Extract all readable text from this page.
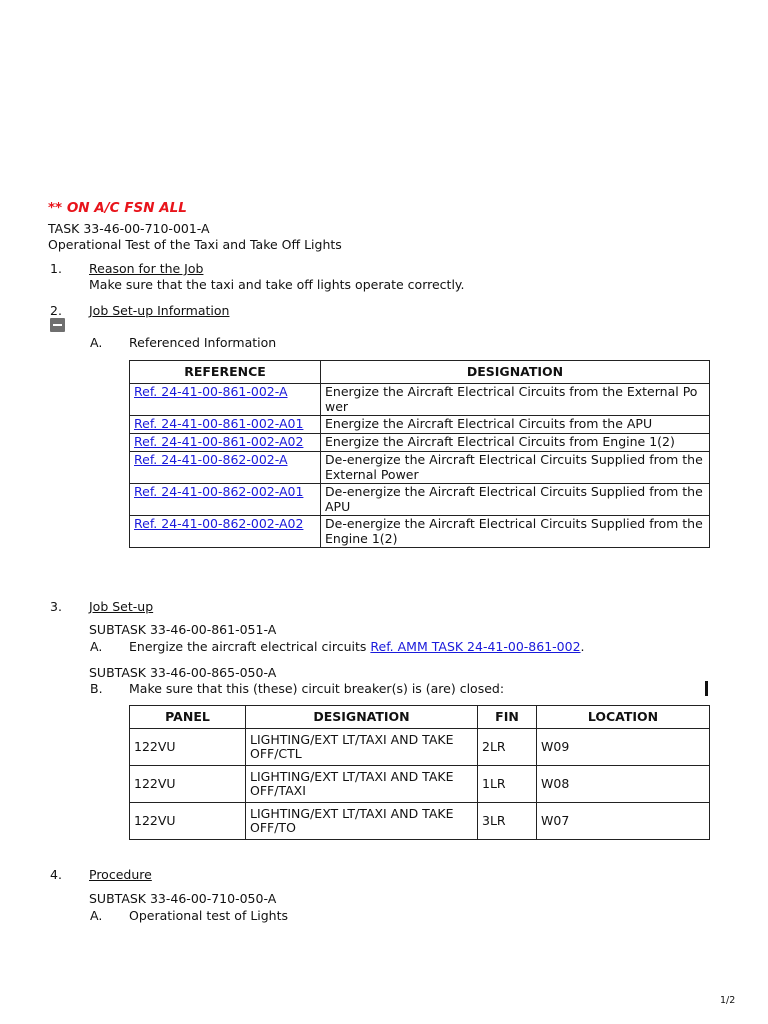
** ON A/C FSN ALL
TASK 33-46-00-710-001-A
Operational Test of the Taxi and Take Off Lights
1. Reason for the Job
Make sure that the taxi and take off lights operate correctly.
2. Job Set-up Information
A. Referenced Information
REFERENCE	DESIGNATION
Ref. 24-41-00-861-002-A	Energize the Aircraft Electrical Circuits from the External Power
Ref. 24-41-00-861-002-A01	Energize the Aircraft Electrical Circuits from the APU
Ref. 24-41-00-861-002-A02	Energize the Aircraft Electrical Circuits from Engine 1(2)
Ref. 24-41-00-862-002-A	De-energize the Aircraft Electrical Circuits Supplied from the External Power
Ref. 24-41-00-862-002-A01	De-energize the Aircraft Electrical Circuits Supplied from the APU
Ref. 24-41-00-862-002-A02	De-energize the Aircraft Electrical Circuits Supplied from the Engine 1(2)
3. Job Set-up
SUBTASK 33-46-00-861-051-A
A. Energize the aircraft electrical circuits Ref. AMM TASK 24-41-00-861-002.
SUBTASK 33-46-00-865-050-A
B. Make sure that this (these) circuit breaker(s) is (are) closed:
PANEL	DESIGNATION	FIN	LOCATION
122VU	LIGHTING/EXT LT/TAXI AND TAKE OFF/CTL	2LR	W09
122VU	LIGHTING/EXT LT/TAXI AND TAKE OFF/TAXI	1LR	W08
122VU	LIGHTING/EXT LT/TAXI AND TAKE OFF/TO	3LR	W07
4. Procedure
SUBTASK 33-46-00-710-050-A
A. Operational test of Lights
1/2
